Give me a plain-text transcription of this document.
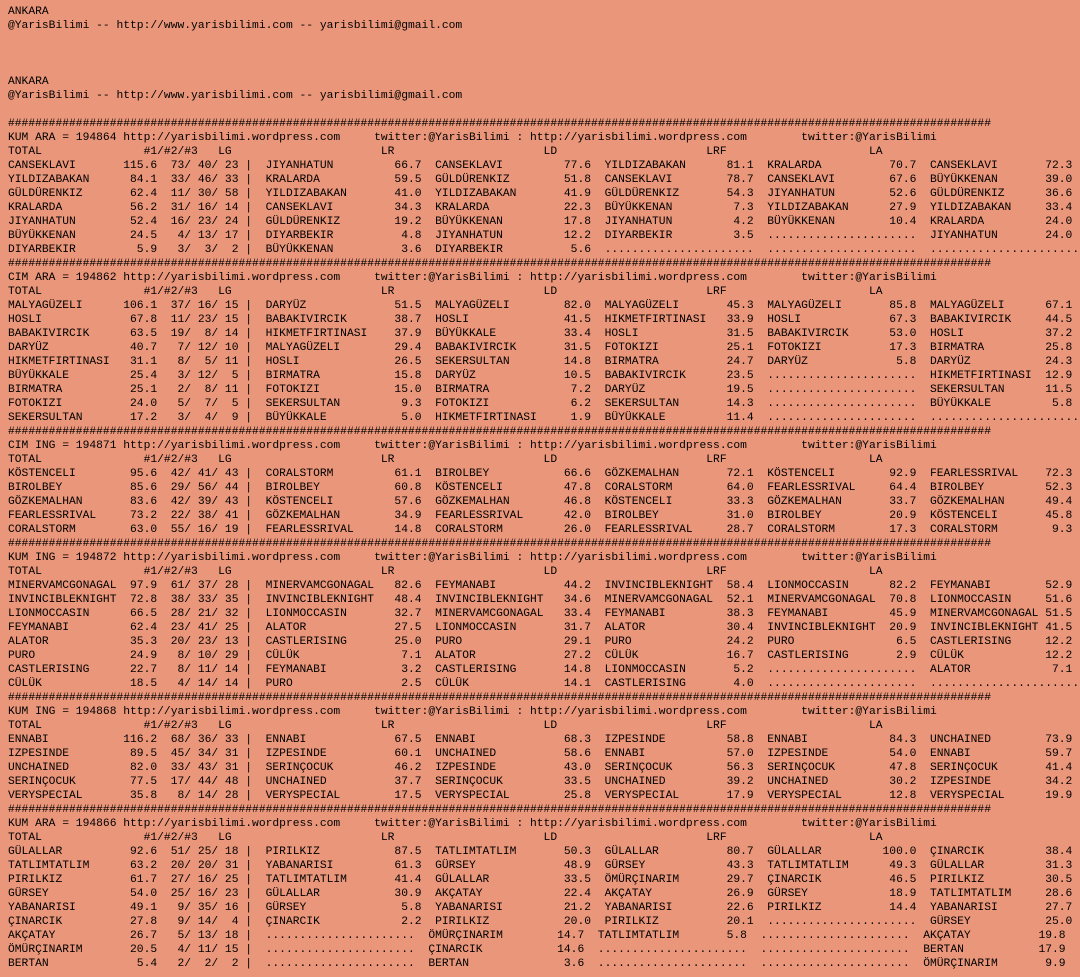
ANKARA
@YarisBilimi -- http://www.yarisbilimi.com -- yarisbilimi@gmail.com

ANKARA
@YarisBilimi -- http://www.yarisbilimi.com -- yarisbilimi@gmail.com

#################################################################################################################################################
KUM ARA = 194864 http://yarisbilimi.wordpress.com     twitter:@YarisBilimi : http://yarisbilimi.wordpress.com        twitter:@YarisBilimi
TOTAL               #1/#2/#3   LG                      LR                      LD                      LRF                     LA
CANSEKLAVI       115.6  73/ 40/ 23 |  JIYANHATUN         66.7  CANSEKLAVI         77.6  YILDIZABAKAN      81.1  KRALARDA          70.7  CANSEKLAVI       72.3
YILDIZABAKAN      84.1  33/ 46/ 33 |  KRALARDA           59.5  GÜLDÜRENKIZ        51.8  CANSEKLAVI        78.7  CANSEKLAVI        67.6  BÜYÜKKENAN       39.0
GÜLDÜRENKIZ       62.4  11/ 30/ 58 |  YILDIZABAKAN       41.0  YILDIZABAKAN       41.9  GÜLDÜRENKIZ       54.3  JIYANHATUN        52.6  GÜLDÜRENKIZ      36.6
KRALARDA          56.2  31/ 16/ 14 |  CANSEKLAVI         34.3  KRALARDA           22.3  BÜYÜKKENAN         7.3  YILDIZABAKAN      27.9  YILDIZABAKAN     33.4
JIYANHATUN        52.4  16/ 23/ 24 |  GÜLDÜRENKIZ        19.2  BÜYÜKKENAN         17.8  JIYANHATUN         4.2  BÜYÜKKENAN        10.4  KRALARDA         24.0
BÜYÜKKENAN        24.5   4/ 13/ 17 |  DIYARBEKIR          4.8  JIYANHATUN         12.2  DIYARBEKIR         3.5  ......................  JIYANHATUN       24.0
DIYARBEKIR         5.9   3/  3/  2 |  BÜYÜKKENAN          3.6  DIYARBEKIR          5.6  ......................  ......................  ......................
#################################################################################################################################################
CIM ARA = 194862 http://yarisbilimi.wordpress.com     twitter:@YarisBilimi : http://yarisbilimi.wordpress.com        twitter:@YarisBilimi
TOTAL               #1/#2/#3   LG                      LR                      LD                      LRF                     LA
MALYAGÜZELI      106.1  37/ 16/ 15 |  DARYÜZ             51.5  MALYAGÜZELI        82.0  MALYAGÜZELI       45.3  MALYAGÜZELI       85.8  MALYAGÜZELI      67.1
HOSLI             67.8  11/ 23/ 15 |  BABAKIVIRCIK       38.7  HOSLI              41.5  HIKMETFIRTINASI   33.9  HOSLI             67.3  BABAKIVIRCIK     44.5
BABAKIVIRCIK      63.5  19/  8/ 14 |  HIKMETFIRTINASI    37.9  BÜYÜKKALE          33.4  HOSLI             31.5  BABAKIVIRCIK      53.0  HOSLI            37.2
DARYÜZ            40.7   7/ 12/ 10 |  MALYAGÜZELI        29.4  BABAKIVIRCIK       31.5  FOTOKIZI          25.1  FOTOKIZI          17.3  BIRMATRA         25.8
HIKMETFIRTINASI   31.1   8/  5/ 11 |  HOSLI              26.5  SEKERSULTAN        14.8  BIRMATRA          24.7  DARYÜZ             5.8  DARYÜZ           24.3
BÜYÜKKALE         25.4   3/ 12/  5 |  BIRMATRA           15.8  DARYÜZ             10.5  BABAKIVIRCIK      23.5  ......................  HIKMETFIRTINASI  12.9
BIRMATRA          25.1   2/  8/ 11 |  FOTOKIZI           15.0  BIRMATRA            7.2  DARYÜZ            19.5  ......................  SEKERSULTAN      11.5
FOTOKIZI          24.0   5/  7/  5 |  SEKERSULTAN         9.3  FOTOKIZI            6.2  SEKERSULTAN       14.3  ......................  BÜYÜKKALE         5.8
SEKERSULTAN       17.2   3/  4/  9 |  BÜYÜKKALE           5.0  HIKMETFIRTINASI     1.9  BÜYÜKKALE         11.4  ......................  ......................
#################################################################################################################################################
CIM ING = 194871 http://yarisbilimi.wordpress.com     twitter:@YarisBilimi : http://yarisbilimi.wordpress.com        twitter:@YarisBilimi
TOTAL               #1/#2/#3   LG                      LR                      LD                      LRF                     LA
KÖSTENCELI        95.6  42/ 41/ 43 |  CORALSTORM         61.1  BIROLBEY           66.6  GÖZKEMALHAN       72.1  KÖSTENCELI        92.9  FEARLESSRIVAL    72.3
BIROLBEY          85.6  29/ 56/ 44 |  BIROLBEY           60.8  KÖSTENCELI         47.8  CORALSTORM        64.0  FEARLESSRIVAL     64.4  BIROLBEY         52.3
GÖZKEMALHAN       83.6  42/ 39/ 43 |  KÖSTENCELI         57.6  GÖZKEMALHAN        46.8  KÖSTENCELI        33.3  GÖZKEMALHAN       33.7  GÖZKEMALHAN      49.4
FEARLESSRIVAL     73.2  22/ 38/ 41 |  GÖZKEMALHAN        34.9  FEARLESSRIVAL      42.0  BIROLBEY          31.0  BIROLBEY          20.9  KÖSTENCELI       45.8
CORALSTORM        63.0  55/ 16/ 19 |  FEARLESSRIVAL      14.8  CORALSTORM         26.0  FEARLESSRIVAL     28.7  CORALSTORM        17.3  CORALSTORM        9.3
#################################################################################################################################################
KUM ING = 194872 http://yarisbilimi.wordpress.com     twitter:@YarisBilimi : http://yarisbilimi.wordpress.com        twitter:@YarisBilimi
TOTAL               #1/#2/#3   LG                      LR                      LD                      LRF                     LA
MINERVAMCGONAGAL  97.9  61/ 37/ 28 |  MINERVAMCGONAGAL   82.6  FEYMANABI          44.2  INVINCIBLEKNIGHT  58.4  LIONMOCCASIN      82.2  FEYMANABI        52.9
INVINCIBLEKNIGHT  72.8  38/ 33/ 35 |  INVINCIBLEKNIGHT   48.4  INVINCIBLEKNIGHT   34.6  MINERVAMCGONAGAL  52.1  MINERVAMCGONAGAL  70.8  LIONMOCCASIN     51.6
LIONMOCCASIN      66.5  28/ 21/ 32 |  LIONMOCCASIN       32.7  MINERVAMCGONAGAL   33.4  FEYMANABI         38.3  FEYMANABI         45.9  MINERVAMCGONAGAL 51.5
FEYMANABI         62.4  23/ 41/ 25 |  ALATOR             27.5  LIONMOCCASIN       31.7  ALATOR            30.4  INVINCIBLEKNIGHT  20.9  INVINCIBLEKNIGHT 41.5
ALATOR            35.3  20/ 23/ 13 |  CASTLERISING       25.0  PURO               29.1  PURO              24.2  PURO               6.5  CASTLERISING     12.2
PURO              24.9   8/ 10/ 29 |  CÜLÜK               7.1  ALATOR             27.2  CÜLÜK             16.7  CASTLERISING       2.9  CÜLÜK            12.2
CASTLERISING      22.7   8/ 11/ 14 |  FEYMANABI           3.2  CASTLERISING       14.8  LIONMOCCASIN       5.2  ......................  ALATOR            7.1
CÜLÜK             18.5   4/ 14/ 14 |  PURO                2.5  CÜLÜK              14.1  CASTLERISING       4.0  ......................  ......................
#################################################################################################################################################
KUM ING = 194868 http://yarisbilimi.wordpress.com     twitter:@YarisBilimi : http://yarisbilimi.wordpress.com        twitter:@YarisBilimi
TOTAL               #1/#2/#3   LG                      LR                      LD                      LRF                     LA
ENNABI           116.2  68/ 36/ 33 |  ENNABI             67.5  ENNABI             68.3  IZPESINDE         58.8  ENNABI            84.3  UNCHAINED        73.9
IZPESINDE         89.5  45/ 34/ 31 |  IZPESINDE          60.1  UNCHAINED          58.6  ENNABI            57.0  IZPESINDE         54.0  ENNABI           59.7
UNCHAINED         82.0  33/ 43/ 31 |  SERINÇOCUK         46.2  IZPESINDE          43.0  SERINÇOCUK        56.3  SERINÇOCUK        47.8  SERINÇOCUK       41.4
SERINÇOCUK        77.5  17/ 44/ 48 |  UNCHAINED          37.7  SERINÇOCUK         33.5  UNCHAINED         39.2  UNCHAINED         30.2  IZPESINDE        34.2
VERYSPECIAL       35.8   8/ 14/ 28 |  VERYSPECIAL        17.5  VERYSPECIAL        25.8  VERYSPECIAL       17.9  VERYSPECIAL       12.8  VERYSPECIAL      19.9
#################################################################################################################################################
KUM ARA = 194866 http://yarisbilimi.wordpress.com     twitter:@YarisBilimi : http://yarisbilimi.wordpress.com        twitter:@YarisBilimi
TOTAL               #1/#2/#3   LG                      LR                      LD                      LRF                     LA
GÜLALLAR          92.6  51/ 25/ 18 |  PIRILKIZ           87.5  TATLIMTATLIM       50.3  GÜLALLAR          80.7  GÜLALLAR         100.0  ÇINARCIK         38.4
TATLIMTATLIM      63.2  20/ 20/ 31 |  YABANARISI         61.3  GÜRSEY             48.9  GÜRSEY            43.3  TATLIMTATLIM      49.3  GÜLALLAR         31.3
PIRILKIZ          61.7  27/ 16/ 25 |  TATLIMTATLIM       41.4  GÜLALLAR           33.5  ÖMÜRÇINARIM       29.7  ÇINARCIK          46.5  PIRILKIZ         30.5
GÜRSEY            54.0  25/ 16/ 23 |  GÜLALLAR           30.9  AKÇATAY            22.4  AKÇATAY           26.9  GÜRSEY            18.9  TATLIMTATLIM     28.6
YABANARISI        49.1   9/ 35/ 16 |  GÜRSEY              5.8  YABANARISI         21.2  YABANARISI        22.6  PIRILKIZ          14.4  YABANARISI       27.7
ÇINARCIK          27.8   9/ 14/  4 |  ÇINARCIK            2.2  PIRILKIZ           20.0  PIRILKIZ          20.1  ......................  GÜRSEY           25.0
AKÇATAY           26.7   5/ 13/ 18 |  ......................  ÖMÜRÇINARIM        14.7  TATLIMTATLIM       5.8  ......................  AKÇATAY          19.8
ÖMÜRÇINARIM       20.5   4/ 11/ 15 |  ......................  ÇINARCIK           14.6  ......................  ......................  BERTAN           17.9
BERTAN             5.4   2/  2/  2 |  ......................  BERTAN              3.6  ......................  ......................  ÖMÜRÇINARIM       9.9
